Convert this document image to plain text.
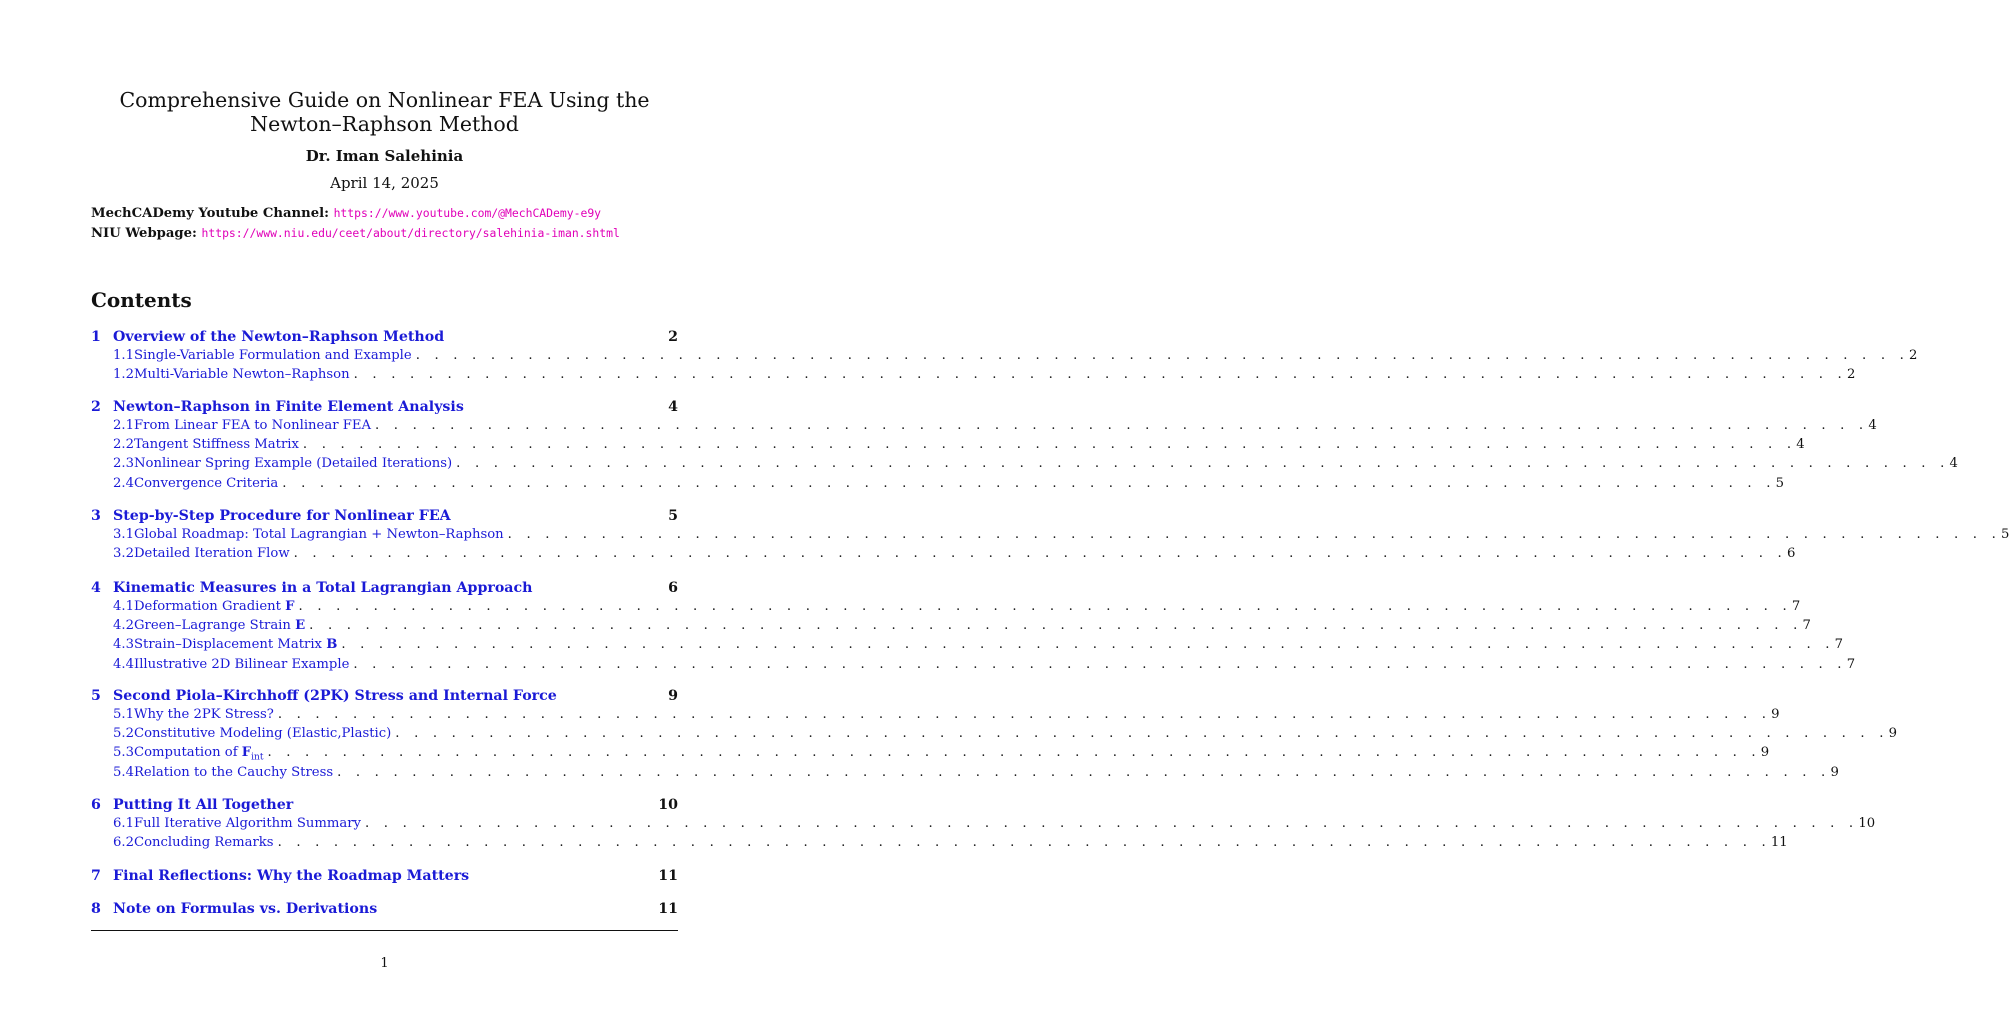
Comprehensive Guide on Nonlinear FEA Using the
Newton–Raphson Method
Dr. Iman Salehinia
April 14, 2025
MechCADemy Youtube Channel: https://www.youtube.com/@MechCADemy-e9y
NIU Webpage: https://www.niu.edu/ceet/about/directory/salehinia-iman.shtml
Contents
1 Overview of the Newton–Raphson Method	2
1.1 Single-Variable Formulation and Example . . . . . . . . . . . . . . . . . . . . . . . . . . . . . . . . . . . . . . . . . . . . . . . . . . . . . . . . . . . . . . . . . . . . . . . . . . . . . . . . 2
1.2 Multi-Variable Newton–Raphson . . . . . . . . . . . . . . . . . . . . . . . . . . . . . . . . . . . . . . . . . . . . . . . . . . . . . . . . . . . . . . . . . . . . . . . . . . . . . . . . 2
2 Newton–Raphson in Finite Element Analysis	4
2.1 From Linear FEA to Nonlinear FEA . . . . . . . . . . . . . . . . . . . . . . . . . . . . . . . . . . . . . . . . . . . . . . . . . . . . . . . . . . . . . . . . . . . . . . . . . . . . . . . . 4
2.2 Tangent Stiffness Matrix . . . . . . . . . . . . . . . . . . . . . . . . . . . . . . . . . . . . . . . . . . . . . . . . . . . . . . . . . . . . . . . . . . . . . . . . . . . . . . . . 4
2.3 Nonlinear Spring Example (Detailed Iterations) . . . . . . . . . . . . . . . . . . . . . . . . . . . . . . . . . . . . . . . . . . . . . . . . . . . . . . . . . . . . . . . . . . . . . . . . . . . . . . . . 4
2.4 Convergence Criteria . . . . . . . . . . . . . . . . . . . . . . . . . . . . . . . . . . . . . . . . . . . . . . . . . . . . . . . . . . . . . . . . . . . . . . . . . . . . . . . . 5
3 Step-by-Step Procedure for Nonlinear FEA	5
3.1 Global Roadmap: Total Lagrangian + Newton–Raphson . . . . . . . . . . . . . . . . . . . . . . . . . . . . . . . . . . . . . . . . . . . . . . . . . . . . . . . . . . . . . . . . . . . . . . . . . . . . . . . . 5
3.2 Detailed Iteration Flow . . . . . . . . . . . . . . . . . . . . . . . . . . . . . . . . . . . . . . . . . . . . . . . . . . . . . . . . . . . . . . . . . . . . . . . . . . . . . . . . 6
4 Kinematic Measures in a Total Lagrangian Approach	6
4.1 Deformation Gradient F . . . . . . . . . . . . . . . . . . . . . . . . . . . . . . . . . . . . . . . . . . . . . . . . . . . . . . . . . . . . . . . . . . . . . . . . . . . . . . . . 7
4.2 Green–Lagrange Strain E . . . . . . . . . . . . . . . . . . . . . . . . . . . . . . . . . . . . . . . . . . . . . . . . . . . . . . . . . . . . . . . . . . . . . . . . . . . . . . . . 7
4.3 Strain–Displacement Matrix B . . . . . . . . . . . . . . . . . . . . . . . . . . . . . . . . . . . . . . . . . . . . . . . . . . . . . . . . . . . . . . . . . . . . . . . . . . . . . . . . 7
4.4 Illustrative 2D Bilinear Example . . . . . . . . . . . . . . . . . . . . . . . . . . . . . . . . . . . . . . . . . . . . . . . . . . . . . . . . . . . . . . . . . . . . . . . . . . . . . . . . 7
5 Second Piola–Kirchhoff (2PK) Stress and Internal Force	9
5.1 Why the 2PK Stress? . . . . . . . . . . . . . . . . . . . . . . . . . . . . . . . . . . . . . . . . . . . . . . . . . . . . . . . . . . . . . . . . . . . . . . . . . . . . . . . . 9
5.2 Constitutive Modeling (Elastic,Plastic) . . . . . . . . . . . . . . . . . . . . . . . . . . . . . . . . . . . . . . . . . . . . . . . . . . . . . . . . . . . . . . . . . . . . . . . . . . . . . . . . 9
5.3 Computation of $F_{int}$ . . . . . . . . . . . . . . . . . . . . . . . . . . . . . . . . . . . . . . . . . . . . . . . . . . . . . . . . . . . . . . . . . . . . . . . . . . . . . . . . 9
5.4 Relation to the Cauchy Stress . . . . . . . . . . . . . . . . . . . . . . . . . . . . . . . . . . . . . . . . . . . . . . . . . . . . . . . . . . . . . . . . . . . . . . . . . . . . . . . . 9
6 Putting It All Together	10
6.1 Full Iterative Algorithm Summary . . . . . . . . . . . . . . . . . . . . . . . . . . . . . . . . . . . . . . . . . . . . . . . . . . . . . . . . . . . . . . . . . . . . . . . . . . . . . . . . 10
6.2 Concluding Remarks . . . . . . . . . . . . . . . . . . . . . . . . . . . . . . . . . . . . . . . . . . . . . . . . . . . . . . . . . . . . . . . . . . . . . . . . . . . . . . . . 11
7 Final Reflections: Why the Roadmap Matters	11
8 Note on Formulas vs. Derivations	11
1
